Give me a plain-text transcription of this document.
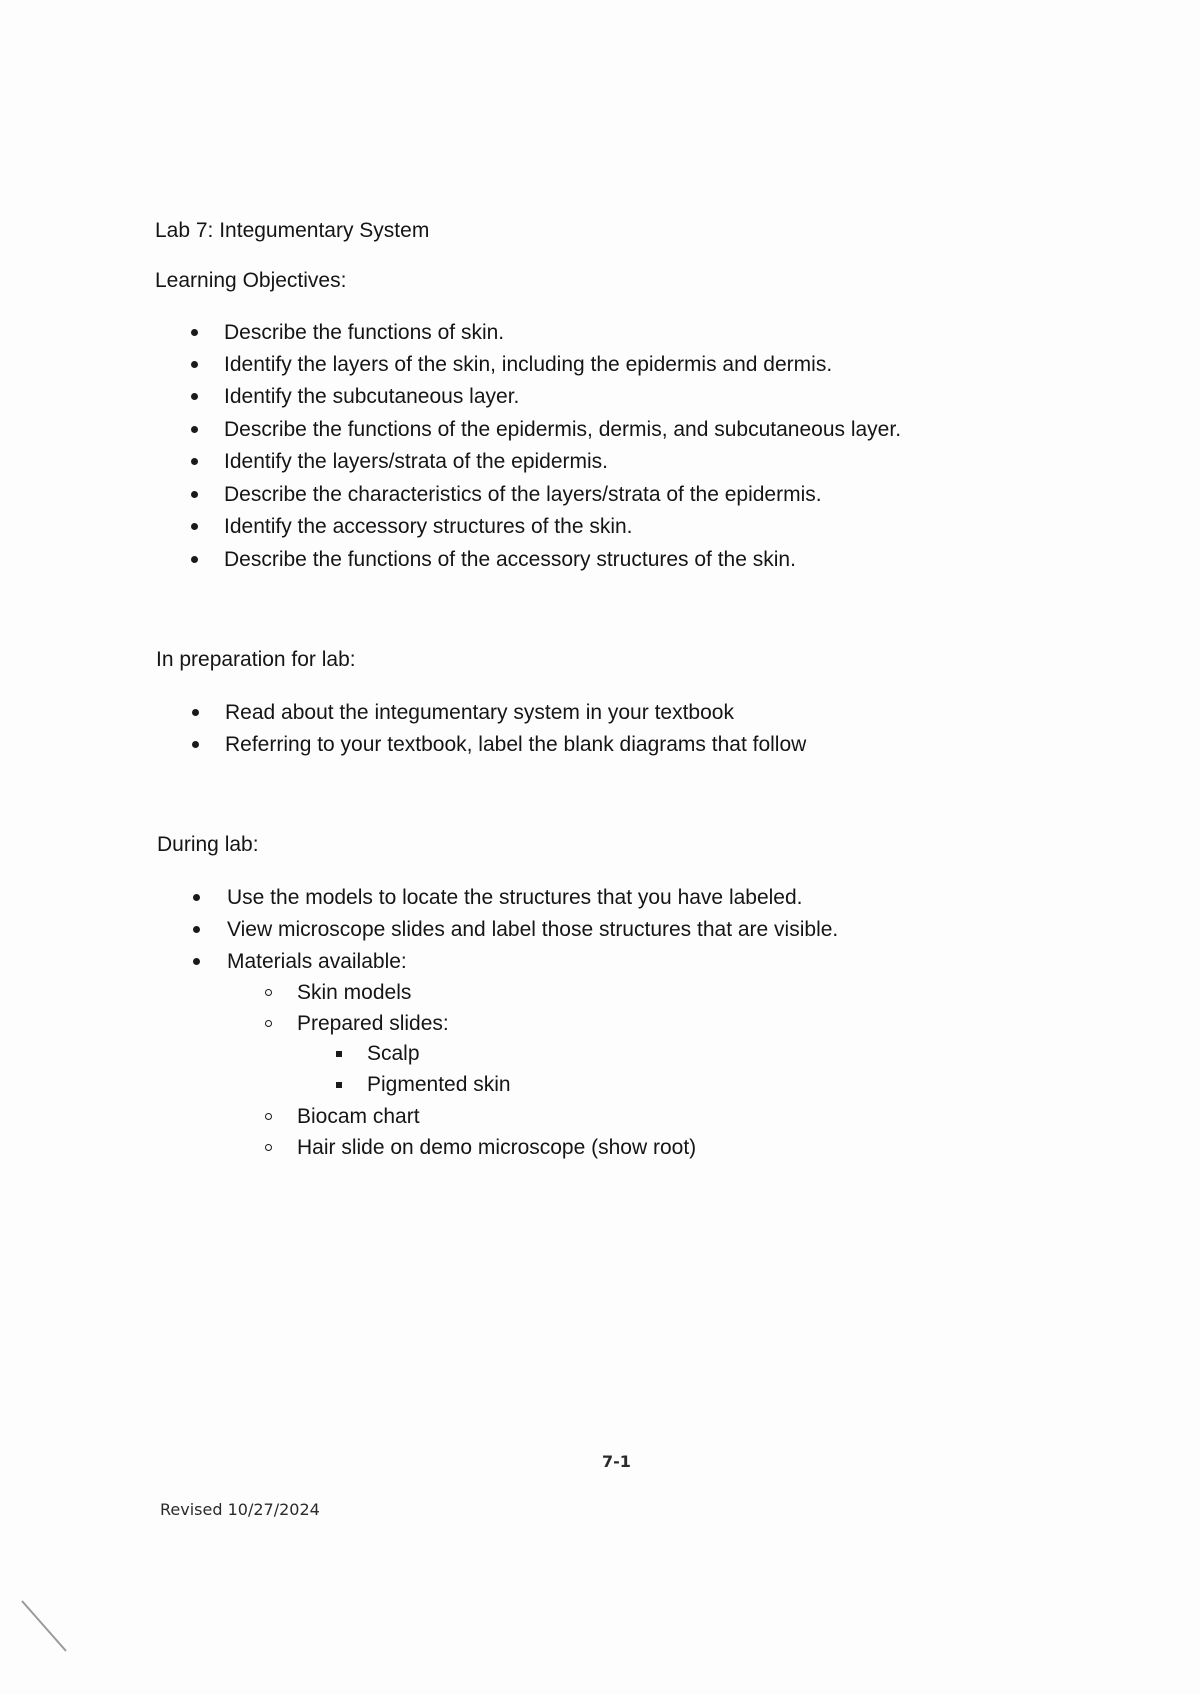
Lab 7: Integumentary System
Learning Objectives:
Describe the functions of skin.
Identify the layers of the skin, including the epidermis and dermis.
Identify the subcutaneous layer.
Describe the functions of the epidermis, dermis, and subcutaneous layer.
Identify the layers/strata of the epidermis.
Describe the characteristics of the layers/strata of the epidermis.
Identify the accessory structures of the skin.
Describe the functions of the accessory structures of the skin.
In preparation for lab:
Read about the integumentary system in your textbook
Referring to your textbook, label the blank diagrams that follow
During lab:
Use the models to locate the structures that you have labeled.
View microscope slides and label those structures that are visible.
Materials available:
Skin models
Prepared slides:
Scalp
Pigmented skin
Biocam chart
Hair slide on demo microscope (show root)
7-1
Revised 10/27/2024
